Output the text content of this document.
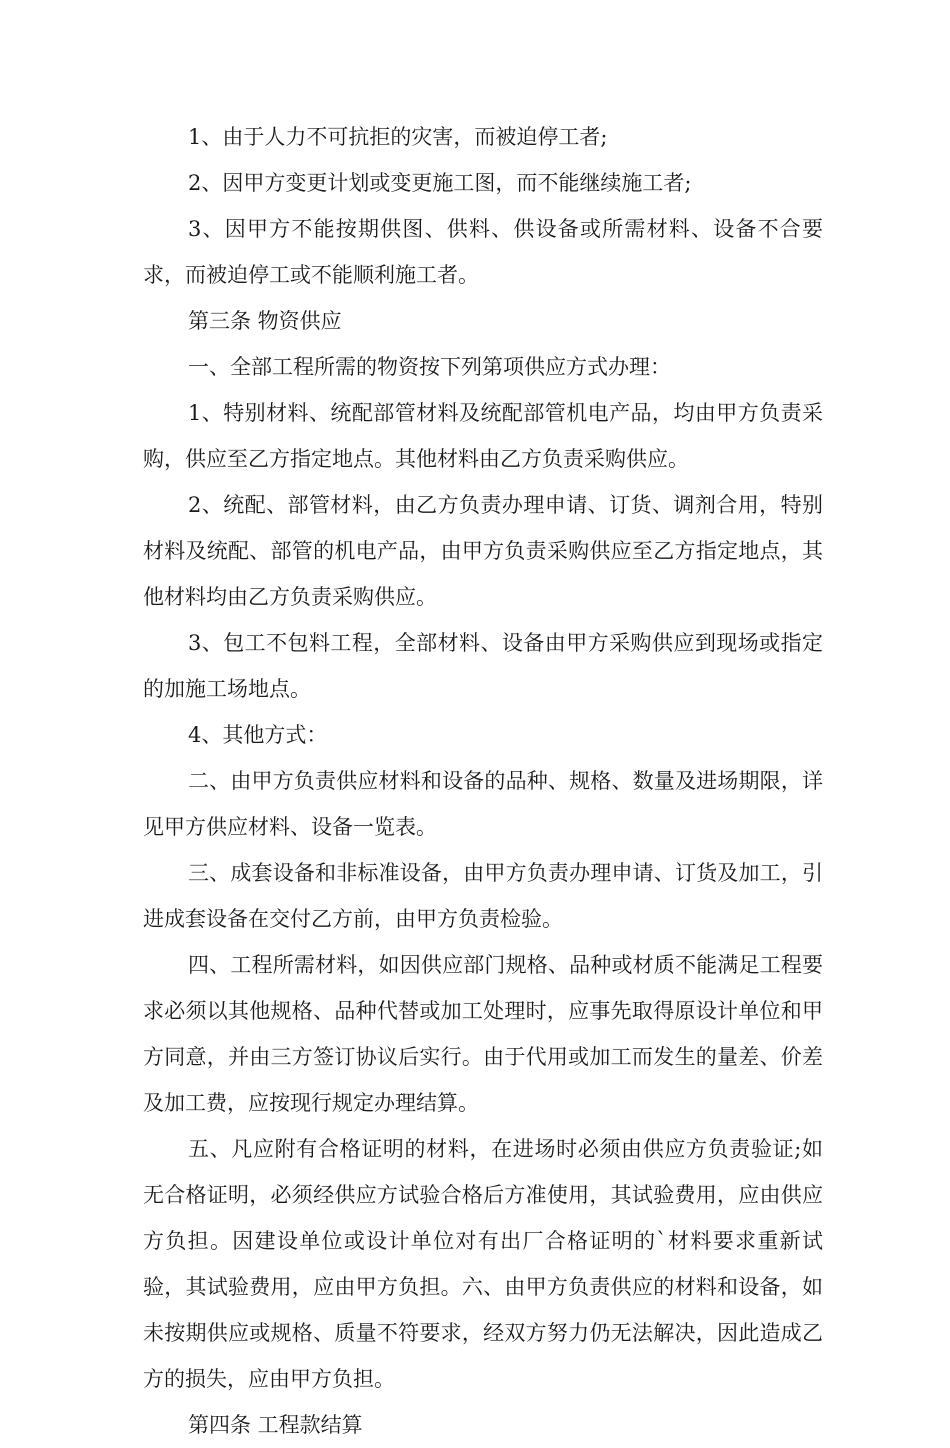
1、由于人力不可抗拒的灾害，而被迫停工者;

2、因甲方变更计划或变更施工图，而不能继续施工者;

3、因甲方不能按期供图、供料、供设备或所需材料、设备不合要求，而被迫停工或不能顺利施工者。

第三条 物资供应

一、全部工程所需的物资按下列第项供应方式办理：

1、特别材料、统配部管材料及统配部管机电产品，均由甲方负责采购，供应至乙方指定地点。其他材料由乙方负责采购供应。

2、统配、部管材料，由乙方负责办理申请、订货、调剂合用，特别材料及统配、部管的机电产品，由甲方负责采购供应至乙方指定地点，其他材料均由乙方负责采购供应。

3、包工不包料工程，全部材料、设备由甲方采购供应到现场或指定的加施工场地点。

4、其他方式：

二、由甲方负责供应材料和设备的品种、规格、数量及进场期限，详见甲方供应材料、设备一览表。

三、成套设备和非标准设备，由甲方负责办理申请、订货及加工，引进成套设备在交付乙方前，由甲方负责检验。

四、工程所需材料，如因供应部门规格、品种或材质不能满足工程要求必须以其他规格、品种代替或加工处理时，应事先取得原设计单位和甲方同意，并由三方签订协议后实行。由于代用或加工而发生的量差、价差及加工费，应按现行规定办理结算。

五、凡应附有合格证明的材料，在进场时必须由供应方负责验证;如无合格证明，必须经供应方试验合格后方准使用，其试验费用，应由供应方负担。因建设单位或设计单位对有出厂合格证明的`材料要求重新试验，其试验费用，应由甲方负担。六、由甲方负责供应的材料和设备，如未按期供应或规格、质量不符要求，经双方努力仍无法解决，因此造成乙方的损失，应由甲方负担。

第四条 工程款结算
